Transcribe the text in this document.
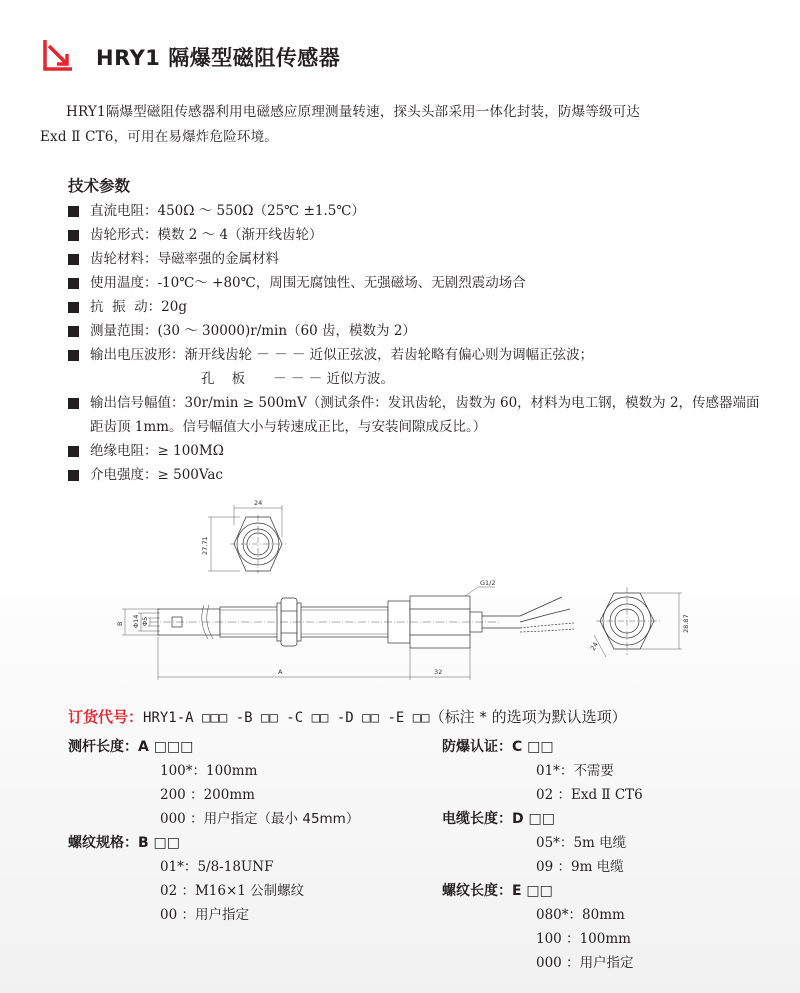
HRY1 隔爆型磁阻传感器

HRY1隔爆型磁阻传感器利用电磁感应原理测量转速，探头头部采用一体化封装，防爆等级可达
Exd Ⅱ CT6，可用在易爆炸危险环境。

技术参数
直流电阻：450Ω ～ 550Ω（25℃ ±1.5℃）
齿轮形式：模数 2 ～ 4（渐开线齿轮）
齿轮材料：导磁率强的金属材料
使用温度：-10℃～ +80℃，周围无腐蚀性、无强磁场、无剧烈震动场合
抗  振  动：20g
测量范围：(30 ～ 30000)r/min（60 齿，模数为 2）
输出电压波形：渐开线齿轮 － － － 近似正弦波，若齿轮略有偏心则为调幅正弦波；
孔    板 － － － 近似方波。
输出信号幅值：30r/min ≥ 500mV（测试条件：发讯齿轮，齿数为 60，材料为电工钢，模数为 2，传感器端面距齿顶 1mm。信号幅值大小与转速成正比，与安装间隙成反比。）
绝缘电阻：≥ 100MΩ
介电强度：≥ 500Vac
24
27.71
B Φ14 Φ5
A	32
G1/2
24
28.87
订货代号：HRY1-A □□□ -B □□ -C □□ -D □□ -E □□（标注 * 的选项为默认选项）
测杆长度：A □□□
100*：100mm
200 ：200mm
000 ：用户指定（最小 45mm）
螺纹规格：B □□
01*：5/8-18UNF
02 ：M16×1 公制螺纹
00 ：用户指定
防爆认证：C □□
01*：不需要
02 ：Exd Ⅱ CT6
电缆长度：D □□
05*：5m 电缆
09 ：9m 电缆
螺纹长度：E □□
080*：80mm
100 ：100mm
000 ：用户指定
